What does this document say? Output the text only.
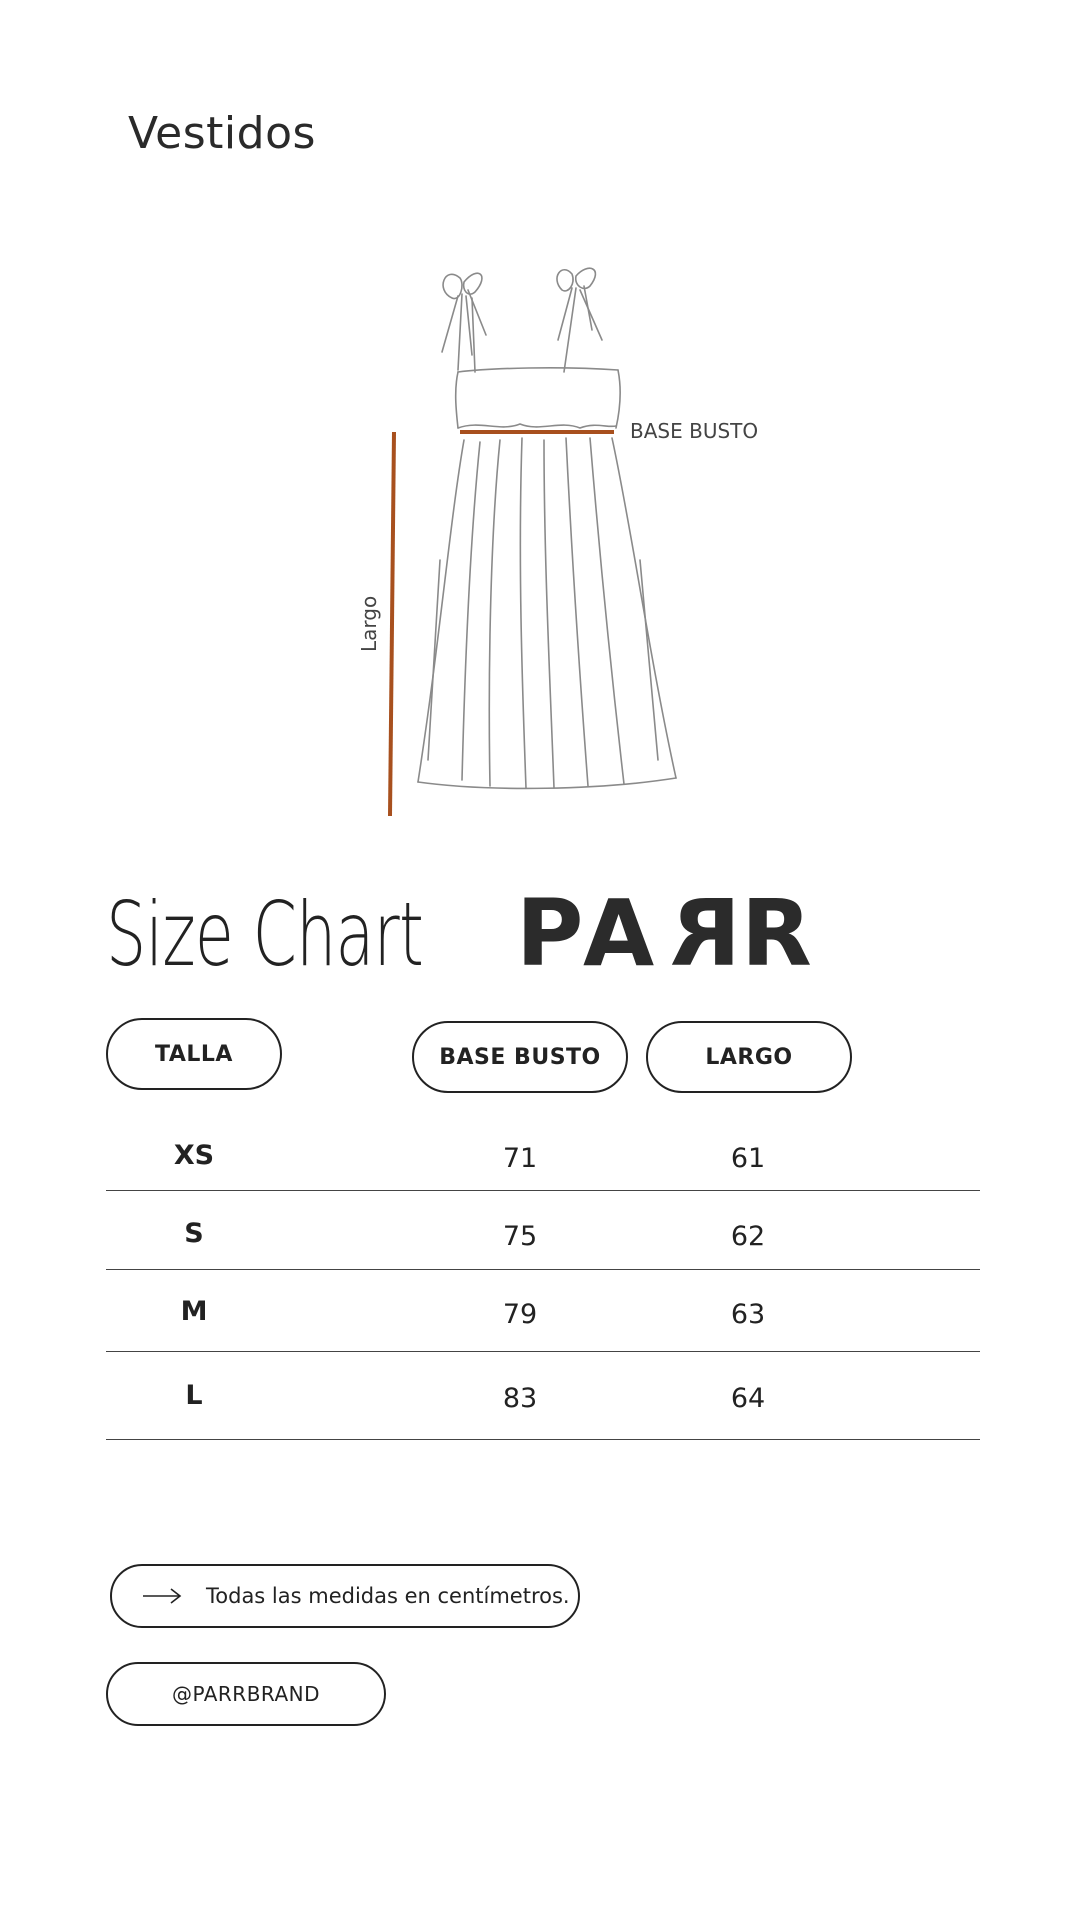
Vestidos
BASE BUSTO
Largo
Size Chart PARR
TALLA	BASE BUSTO	LARGO
XS	71	61
S	75	62
M	79	63
L	83	64
Todas las medidas en centímetros.
@PARRBRAND
